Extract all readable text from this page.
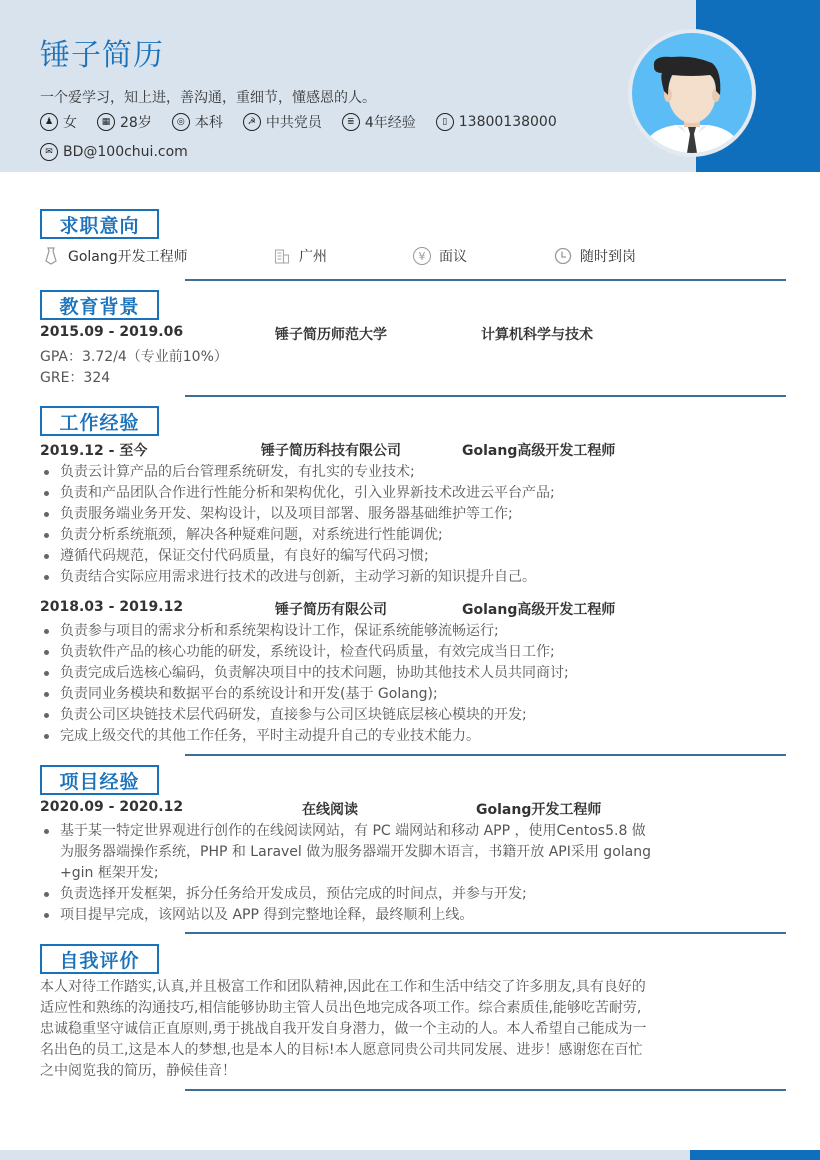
锤子简历
一个爱学习，知上进，善沟通，重细节，懂感恩的人。
♟ 女	▦ 28岁	◎ 本科	☭ 中共党员	≣ 4年经验	▯ 13800138000
✉ BD@100chui.com
求职意向
Golang开发工程师	广州	¥ 面议	随时到岗
教育背景
2015.09 - 2019.06	锤子简历师范大学	计算机科学与技术
GPA：3.72/4（专业前10%）
GRE：324
工作经验
2019.12 - 至今	锤子简历科技有限公司	Golang高级开发工程师
负责云计算产品的后台管理系统研发，有扎实的专业技术;
负责和产品团队合作进行性能分析和架构优化，引入业界新技术改进云平台产品;
负责服务端业务开发、架构设计，以及项目部署、服务器基础维护等工作;
负责分析系统瓶颈，解决各种疑难问题，对系统进行性能调优;
遵循代码规范，保证交付代码质量，有良好的编写代码习惯;
负责结合实际应用需求进行技术的改进与创新，主动学习新的知识提升自己。
2018.03 - 2019.12	锤子简历有限公司	Golang高级开发工程师
负责参与项目的需求分析和系统架构设计工作，保证系统能够流畅运行;
负责软件产品的核心功能的研发，系统设计，检查代码质量，有效完成当日工作;
负责完成后选核心编码，负责解决项目中的技术问题，协助其他技术人员共同商讨;
负责同业务模块和数据平台的系统设计和开发(基于 Golang);
负责公司区块链技术层代码研发，直接参与公司区块链底层核心模块的开发;
完成上级交代的其他工作任务，平时主动提升自己的专业技术能力。
项目经验
2020.09 - 2020.12	在线阅读	Golang开发工程师
基于某一特定世界观进行创作的在线阅读网站，有 PC 端网站和移动 APP ，使用Centos5.8 做为服务器端操作系统，PHP 和 Laravel 做为服务器端开发脚木语言，书籍开放 API采用 golang +gin 框架开发;
负责选择开发框架，拆分任务给开发成员，预估完成的时间点，并参与开发;
项目提早完成，该网站以及 APP 得到完整地诠释，最终顺利上线。
自我评价

本人对待工作踏实,认真,并且极富工作和团队精神,因此在工作和生活中结交了许多朋友,具有良好的适应性和熟练的沟通技巧,相信能够协助主管人员出色地完成各项工作。综合素质佳,能够吃苦耐劳,忠诚稳重坚守诚信正直原则,勇于挑战自我开发自身潜力，做一个主动的人。本人希望自己能成为一名出色的员工,这是本人的梦想,也是本人的目标!本人愿意同贵公司共同发展、进步！感谢您在百忙之中阅览我的简历，静候佳音！
